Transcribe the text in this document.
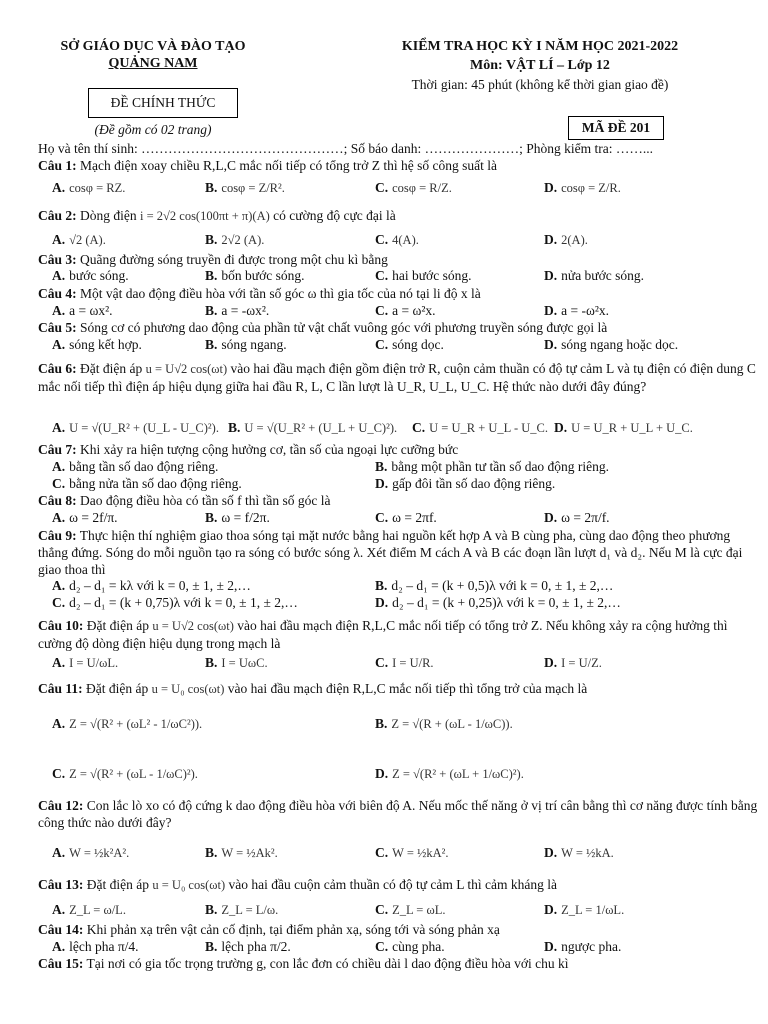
SỞ GIÁO DỤC VÀ ĐÀO TẠO
QUẢNG NAM
ĐỀ CHÍNH THỨC
(Đề gồm có 02 trang)
KIỂM TRA HỌC KỲ I NĂM HỌC 2021-2022
Môn: VẬT LÍ – Lớp 12
Thời gian: 45 phút (không kể thời gian giao đề)
MÃ ĐỀ 201
Họ và tên thí sinh: ………………………………………; Số báo danh: …………………; Phòng kiểm tra: ……...
Câu 1: Mạch điện xoay chiều R,L,C mắc nối tiếp có tổng trở Z thì hệ số công suất là
A. cosφ = RZ.	B. cosφ = Z/R².	C. cosφ = R/Z.	D. cosφ = Z/R.
Câu 2: Dòng điện i = 2√2 cos(100πt + π)(A) có cường độ cực đại là
A. √2 (A).	B. 2√2 (A).	C. 4(A).	D. 2(A).
Câu 3: Quãng đường sóng truyền đi được trong một chu kì bằng
A. bước sóng.	B. bốn bước sóng.	C. hai bước sóng.	D. nửa bước sóng.
Câu 4: Một vật dao động điều hòa với tần số góc ω thì gia tốc của nó tại li độ x là
A. a = ωx².	B. a = -ωx².	C. a = ω²x.	D. a = -ω²x.
Câu 5: Sóng cơ có phương dao động của phần tử vật chất vuông góc với phương truyền sóng được gọi là
A. sóng kết hợp.	B. sóng ngang.	C. sóng dọc.	D. sóng ngang hoặc dọc.
Câu 6: Đặt điện áp u = U√2 cos(ωt) vào hai đầu mạch điện gồm điện trở R, cuộn cảm thuần có độ tự cảm L và tụ điện có điện dung C mắc nối tiếp thì điện áp hiệu dụng giữa hai đầu R, L, C lần lượt là U_R, U_L, U_C. Hệ thức nào dưới đây đúng?
A. U = √(U_R² + (U_L - U_C)²). B. U = √(U_R² + (U_L + U_C)²). C. U = U_R + U_L - U_C. D. U = U_R + U_L + U_C.
Câu 7: Khi xảy ra hiện tượng cộng hưởng cơ, tần số của ngoại lực cưỡng bức
A. bằng tần số dao động riêng.	B. bằng một phần tư tần số dao động riêng.
C. bằng nửa tần số dao động riêng.	D. gấp đôi tần số dao động riêng.
Câu 8: Dao động điều hòa có tần số f thì tần số góc là
A. ω = 2f/π.	B. ω = f/2π.	C. ω = 2πf.	D. ω = 2π/f.
Câu 9: Thực hiện thí nghiệm giao thoa sóng tại mặt nước bằng hai nguồn kết hợp A và B cùng pha, cùng dao động theo phương thẳng đứng. Sóng do mỗi nguồn tạo ra sóng có bước sóng λ. Xét điểm M cách A và B các đoạn lần lượt d₁ và d₂. Nếu M là cực đại giao thoa thì
A. d₂ – d₁ = kλ với k = 0, ± 1, ± 2,…	B. d₂ – d₁ = (k + 0,5)λ với k = 0, ± 1, ± 2,…
C. d₂ – d₁ = (k + 0,75)λ với k = 0, ± 1, ± 2,…	D. d₂ – d₁ = (k + 0,25)λ với k = 0, ± 1, ± 2,…
Câu 10: Đặt điện áp u = U√2 cos(ωt) vào hai đầu mạch điện R,L,C mắc nối tiếp có tổng trở Z. Nếu không xảy ra cộng hưởng thì cường độ dòng điện hiệu dụng trong mạch là
A. I = U/ωL.	B. I = UωC.	C. I = U/R.	D. I = U/Z.
Câu 11: Đặt điện áp u = U₀ cos(ωt) vào hai đầu mạch điện R,L,C mắc nối tiếp thì tổng trở của mạch là
A. Z = √(R² + (ωL² - 1/ωC²)).	B. Z = √(R + (ωL - 1/ωC)).
C. Z = √(R² + (ωL - 1/ωC)²).	D. Z = √(R² + (ωL + 1/ωC)²).
Câu 12: Con lắc lò xo có độ cứng k dao động điều hòa với biên độ A. Nếu mốc thế năng ở vị trí cân bằng thì cơ năng được tính bằng công thức nào dưới đây?
A. W = ½k²A².	B. W = ½Ak².	C. W = ½kA².	D. W = ½kA.
Câu 13: Đặt điện áp u = U₀ cos(ωt) vào hai đầu cuộn cảm thuần có độ tự cảm L thì cảm kháng là
A. Z_L = ω/L.	B. Z_L = L/ω.	C. Z_L = ωL.	D. Z_L = 1/ωL.
Câu 14: Khi phản xạ trên vật cản cố định, tại điểm phản xạ, sóng tới và sóng phản xạ
A. lệch pha π/4.	B. lệch pha π/2.	C. cùng pha.	D. ngược pha.
Câu 15: Tại nơi có gia tốc trọng trường g, con lắc đơn có chiều dài l dao động điều hòa với chu kì
